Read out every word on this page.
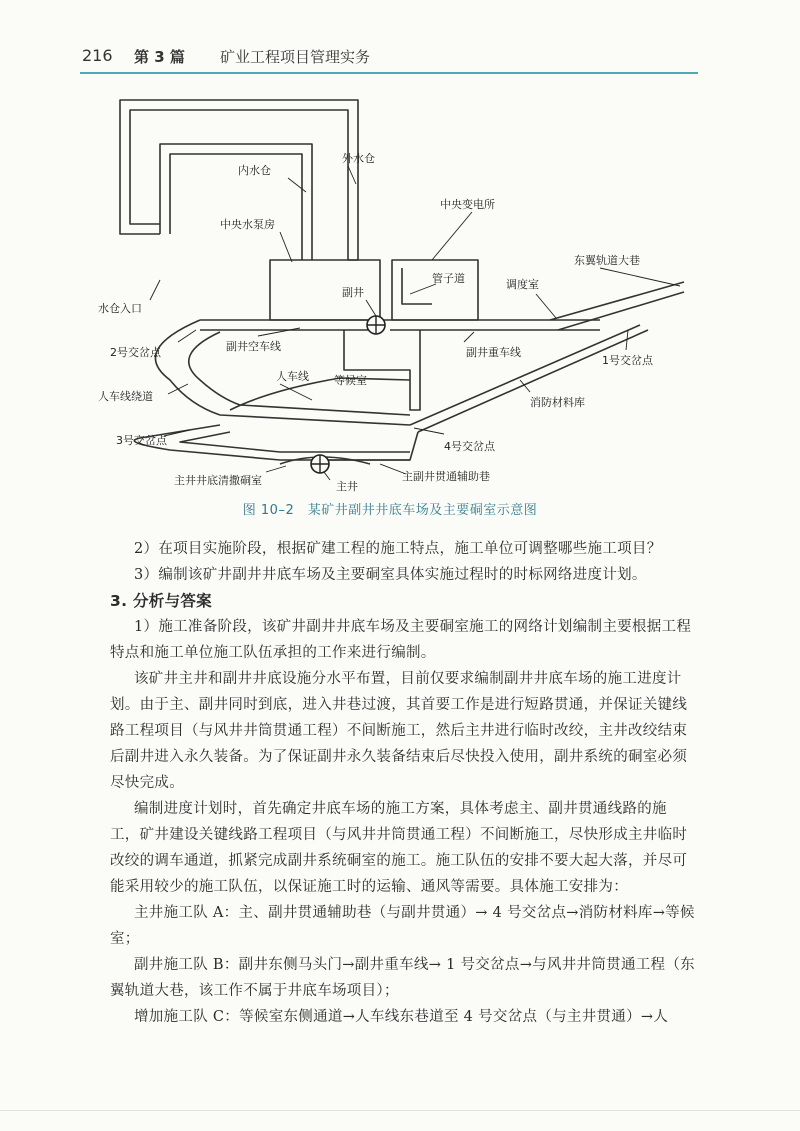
216 第 3 篇 矿业工程项目管理实务
内水仓
外水仓
中央水泵房
中央变电所
东翼轨道大巷
水仓入口
副井
管子道	调度室
1号交岔点
2号交岔点	副井空车线	副井重车线
人车线绕道
人车线 等候室
消防材料库
3号交岔点	4号交岔点
主井井底清撒硐室	主井
主副井贯通辅助巷
图 10–2　某矿井副井井底车场及主要硐室示意图

2）在项目实施阶段，根据矿建工程的施工特点，施工单位可调整哪些施工项目？

3）编制该矿井副井井底车场及主要硐室具体实施过程时的时标网络进度计划。

3. 分析与答案

1）施工准备阶段，该矿井副井井底车场及主要硐室施工的网络计划编制主要根据工程特点和施工单位施工队伍承担的工作来进行编制。

该矿井主井和副井井底设施分水平布置，目前仅要求编制副井井底车场的施工进度计划。由于主、副井同时到底，进入井巷过渡，其首要工作是进行短路贯通，并保证关键线路工程项目（与风井井筒贯通工程）不间断施工，然后主井进行临时改绞，主井改绞结束后副井进入永久装备。为了保证副井永久装备结束后尽快投入使用，副井系统的硐室必须尽快完成。

编制进度计划时，首先确定井底车场的施工方案，具体考虑主、副井贯通线路的施工，矿井建设关键线路工程项目（与风井井筒贯通工程）不间断施工，尽快形成主井临时改绞的调车通道，抓紧完成副井系统硐室的施工。施工队伍的安排不要大起大落，并尽可能采用较少的施工队伍，以保证施工时的运输、通风等需要。具体施工安排为：

主井施工队 A：主、副井贯通辅助巷（与副井贯通）→ 4 号交岔点→消防材料库→等候室；

副井施工队 B：副井东侧马头门→副井重车线→ 1 号交岔点→与风井井筒贯通工程（东翼轨道大巷，该工作不属于井底车场项目）；

增加施工队 C：等候室东侧通道→人车线东巷道至 4 号交岔点（与主井贯通）→人
